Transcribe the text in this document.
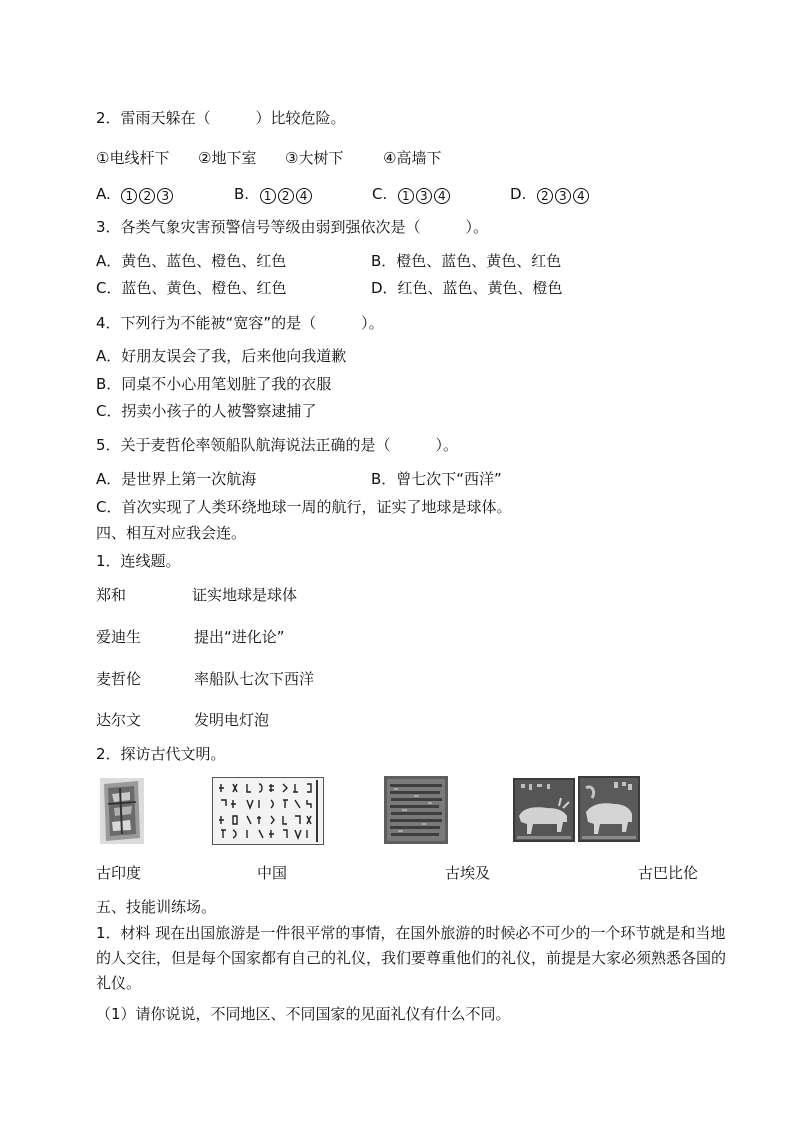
2．雷雨天躲在（　　　）比较危险。
①电线杆下 ②地下室 ③大树下	④高墙下
A. 1 2 3	B. 1 2 4	C. 1 3 4	D. 2 3 4
3．各类气象灾害预警信号等级由弱到强依次是（　　　）。
A．黄色、蓝色、橙色、红色	B．橙色、蓝色、黄色、红色
C．蓝色、黄色、橙色、红色	D．红色、蓝色、黄色、橙色
4．下列行为不能被“宽容”的是（　　　）。
A．好朋友误会了我，后来他向我道歉
B．同桌不小心用笔划脏了我的衣服
C．拐卖小孩子的人被警察逮捕了
5．关于麦哲伦率领船队航海说法正确的是（　　　）。
A．是世界上第一次航海	B．曾七次下“西洋”
C．首次实现了人类环绕地球一周的航行，证实了地球是球体。
四、相互对应我会连。
1．连线题。
郑和	证实地球是球体
爱迪生	提出“进化论”
麦哲伦	率船队七次下西洋
达尔文	发明电灯泡
2．探访古代文明。
古印度	中国	古埃及	古巴比伦
五、技能训练场。
1．材料 现在出国旅游是一件很平常的事情，在国外旅游的时候必不可少的一个环节就是和当地的人交往，但是每个国家都有自己的礼仪，我们要尊重他们的礼仪，前提是大家必须熟悉各国的礼仪。
（1）请你说说，不同地区、不同国家的见面礼仪有什么不同。
